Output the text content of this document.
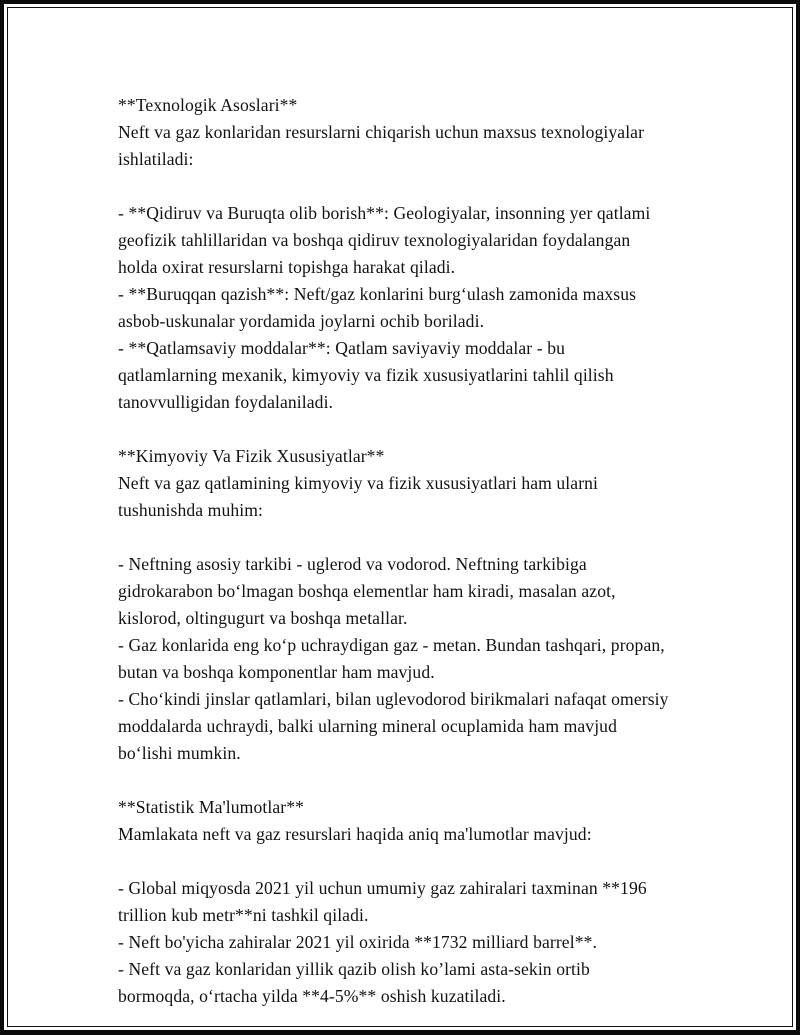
**Texnologik Asoslari**
Neft va gaz konlaridan resurslarni chiqarish uchun maxsus texnologiyalar
ishlatiladi:
- **Qidiruv va Buruqta olib borish**: Geologiyalar, insonning yer qatlami
geofizik tahlillaridan va boshqa qidiruv texnologiyalaridan foydalangan
holda oxirat resurslarni topishga harakat qiladi.
- **Buruqqan qazish**: Neft/gaz konlarini burg‘ulash zamonida maxsus
asbob-uskunalar yordamida joylarni ochib boriladi.
- **Qatlamsaviy moddalar**: Qatlam saviyaviy moddalar - bu
qatlamlarning mexanik, kimyoviy va fizik xususiyatlarini tahlil qilish
tanovvulligidan foydalaniladi.
**Kimyoviy Va Fizik Xususiyatlar**
Neft va gaz qatlamining kimyoviy va fizik xususiyatlari ham ularni
tushunishda muhim:
- Neftning asosiy tarkibi - uglerod va vodorod. Neftning tarkibiga
gidrokarabon bo‘lmagan boshqa elementlar ham kiradi, masalan azot,
kislorod, oltingugurt va boshqa metallar.
- Gaz konlarida eng ko‘p uchraydigan gaz - metan. Bundan tashqari, propan,
butan va boshqa komponentlar ham mavjud.
- Cho‘kindi jinslar qatlamlari, bilan uglevodorod birikmalari nafaqat omersiy
moddalarda uchraydi, balki ularning mineral ocuplamida ham mavjud
bo‘lishi mumkin.
**Statistik Ma'lumotlar**
Mamlakata neft va gaz resurslari haqida aniq ma'lumotlar mavjud:
- Global miqyosda 2021 yil uchun umumiy gaz zahiralari taxminan **196
trillion kub metr**ni tashkil qiladi.
- Neft bo'yicha zahiralar 2021 yil oxirida **1732 milliard barrel**.
- Neft va gaz konlaridan yillik qazib olish ko’lami asta-sekin ortib
bormoqda, o‘rtacha yilda **4-5%** oshish kuzatiladi.
